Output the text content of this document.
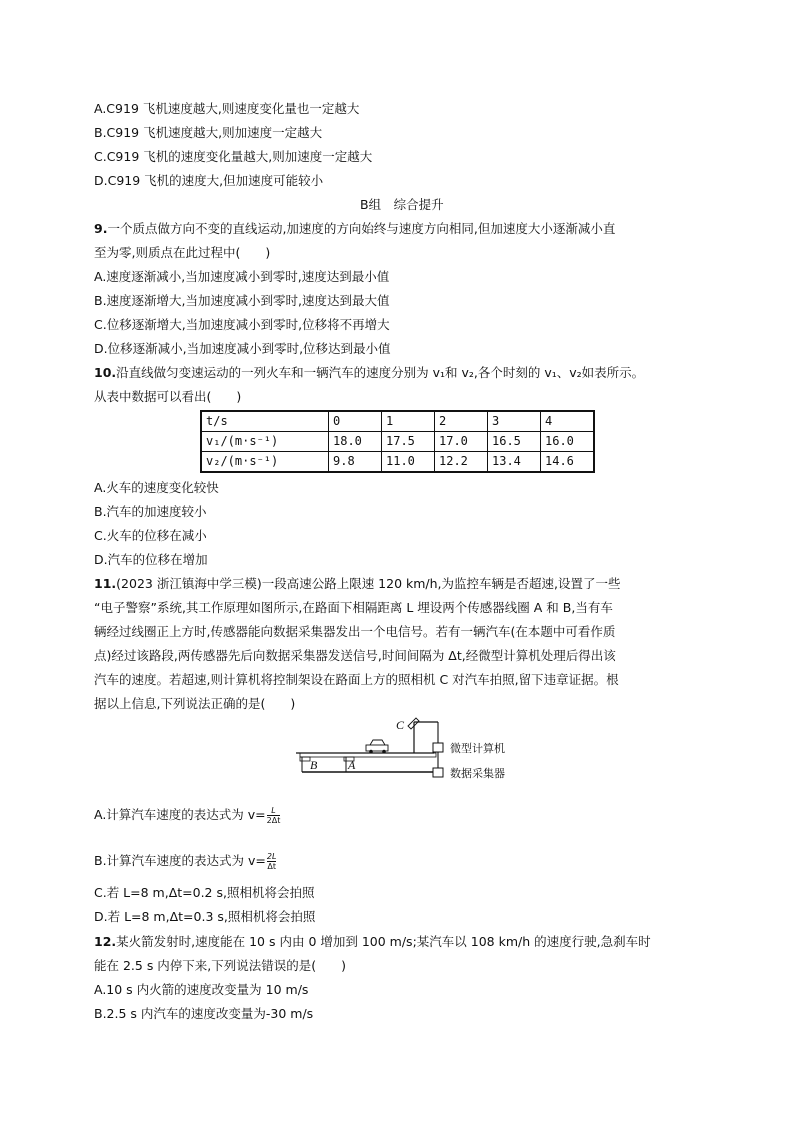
A.C919 飞机速度越大,则速度变化量也一定越大
B.C919 飞机速度越大,则加速度一定越大
C.C919 飞机的速度变化量越大,则加速度一定越大
D.C919 飞机的速度大,但加速度可能较小
B组　综合提升
9.一个质点做方向不变的直线运动,加速度的方向始终与速度方向相同,但加速度大小逐渐减小直
至为零,则质点在此过程中(　　)
A.速度逐渐减小,当加速度减小到零时,速度达到最小值
B.速度逐渐增大,当加速度减小到零时,速度达到最大值
C.位移逐渐增大,当加速度减小到零时,位移将不再增大
D.位移逐渐减小,当加速度减小到零时,位移达到最小值
10.沿直线做匀变速运动的一列火车和一辆汽车的速度分别为 v₁和 v₂,各个时刻的 v₁、v₂如表所示。
从表中数据可以看出(　　)
t/s	0	1	2	3	4
v₁/(m·s⁻¹)	18.0	17.5	17.0	16.5	16.0
v₂/(m·s⁻¹)	9.8	11.0	12.2	13.4	14.6
A.火车的速度变化较快
B.汽车的加速度较小
C.火车的位移在减小
D.汽车的位移在增加
11.(2023 浙江镇海中学三模)一段高速公路上限速 120 km/h,为监控车辆是否超速,设置了一些
“电子警察”系统,其工作原理如图所示,在路面下相隔距离 L 埋设两个传感器线圈 A 和 B,当有车
辆经过线圈正上方时,传感器能向数据采集器发出一个电信号。若有一辆汽车(在本题中可看作质
点)经过该路段,两传感器先后向数据采集器发送信号,时间间隔为 Δt,经微型计算机处理后得出该
汽车的速度。若超速,则计算机将控制架设在路面上方的照相机 C 对汽车拍照,留下违章证据。根
据以上信息,下列说法正确的是(　　)
C
B	A
微型计算机
数据采集器
A.计算汽车速度的表达式为 $v= \frac{L}{2\Delta t}$
B.计算汽车速度的表达式为 $v= \frac{2L}{\Delta t}$
C.若 L=8 m,Δt=0.2 s,照相机将会拍照
D.若 L=8 m,Δt=0.3 s,照相机将会拍照
12.某火箭发射时,速度能在 10 s 内由 0 增加到 100 m/s;某汽车以 108 km/h 的速度行驶,急刹车时
能在 2.5 s 内停下来,下列说法错误的是(　　)
A.10 s 内火箭的速度改变量为 10 m/s
B.2.5 s 内汽车的速度改变量为-30 m/s
